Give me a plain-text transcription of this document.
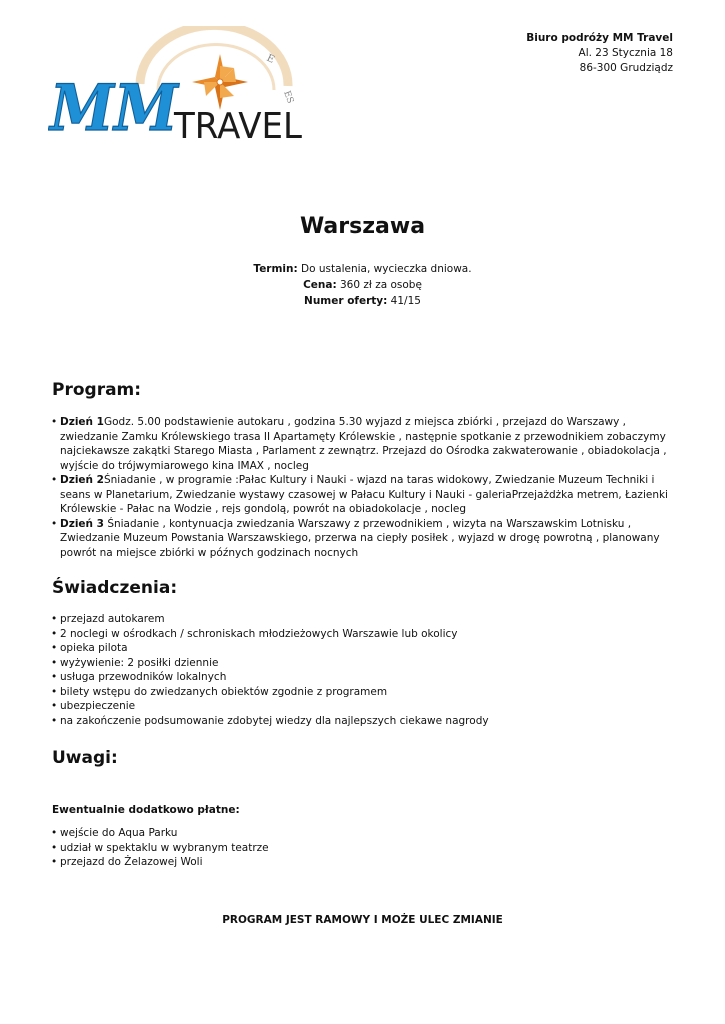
E
ES
MM
TRAVEL
Biuro podróży MM Travel
Al. 23 Stycznia 18
86-300 Grudziądz
Warszawa
Termin: Do ustalenia, wycieczka dniowa.
Cena: 360 zł za osobę
Numer oferty: 41/15
Program:
• Dzień 1Godz. 5.00 podstawienie autokaru , godzina 5.30 wyjazd z miejsca zbiórki , przejazd do Warszawy , zwiedzanie Zamku Królewskiego trasa II Apartamęty Królewskie , następnie spotkanie z przewodnikiem zobaczymy najciekawsze zakątki Starego Miasta , Parlament z zewnątrz. Przejazd do Ośrodka zakwaterowanie , obiadokolacja , wyjście do trójwymiarowego kina IMAX , nocleg
• Dzień 2Śniadanie , w programie :Pałac Kultury i Nauki - wjazd na taras widokowy, Zwiedzanie Muzeum Techniki i seans w Planetarium, Zwiedzanie wystawy czasowej w Pałacu Kultury i Nauki - galeriaPrzejażdżka metrem, Łazienki Królewskie - Pałac na Wodzie , rejs gondolą, powrót na obiadokolacje , nocleg
• Dzień 3 Śniadanie , kontynuacja zwiedzania Warszawy z przewodnikiem , wizyta na Warszawskim Lotnisku , Zwiedzanie Muzeum Powstania Warszawskiego, przerwa na ciepły posiłek , wyjazd w drogę powrotną , planowany powrót na miejsce zbiórki w późnych godzinach nocnych
Świadczenia:
• przejazd autokarem
• 2 noclegi w ośrodkach / schroniskach młodzieżowych Warszawie lub okolicy
• opieka pilota
• wyżywienie: 2 posiłki dziennie
• usługa przewodników lokalnych
• bilety wstępu do zwiedzanych obiektów zgodnie z programem
• ubezpieczenie
• na zakończenie podsumowanie zdobytej wiedzy dla najlepszych ciekawe nagrody
Uwagi:

Ewentualnie dodatkowo płatne:

• wejście do Aqua Parku
• udział w spektaklu w wybranym teatrze
• przejazd do Żelazowej Woli
PROGRAM JEST RAMOWY I MOŻE ULEC ZMIANIE
